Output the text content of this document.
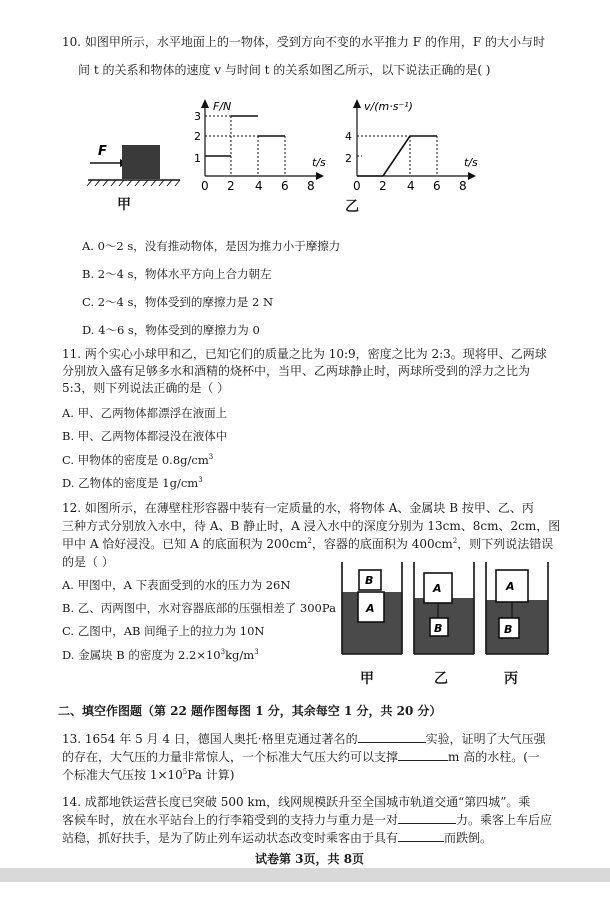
10. 如图甲所示，水平地面上的一物体，受到方向不变的水平推力 F 的作用，F 的大小与时
间 t 的关系和物体的速度 v 与时间 t 的关系如图乙所示，以下说法正确的是( )
F
甲
F/N
t/s
1
2
3
0 2 4 6 8
v/(m·s⁻¹)
t/s
2
4
0 2 4 6 8
乙
A. 0～2 s，没有推动物体，是因为推力小于摩擦力
B. 2～4 s，物体水平方向上合力朝左
C. 2～4 s，物体受到的摩擦力是 2 N
D. 4～6 s，物体受到的摩擦力为 0
11. 两个实心小球甲和乙，已知它们的质量之比为 10:9，密度之比为 2:3。现将甲、乙两球
分别放入盛有足够多水和酒精的烧杯中，当甲、乙两球静止时，两球所受到的浮力之比为
5:3，则下列说法正确的是（ ）
A. 甲、乙两物体都漂浮在液面上
B. 甲、乙两物体都浸没在液体中
C. 甲物体的密度是 $0.8g/cm^3$
D. 乙物体的密度是 $1g/cm^3$
12. 如图所示，在薄壁柱形容器中装有一定质量的水，将物体 A、金属块 B 按甲、乙、丙
三种方式分别放入水中，待 A、B 静止时，A 浸入水中的深度分别为 13cm、8cm、2cm，图
甲中 A 恰好浸没。已知 A 的底面积为 $200cm^2$，容器的底面积为 $400cm^2$，则下列说法错误
的是（ ）
A. 甲图中，A 下表面受到的水的压力为 26N
B. 乙、丙两图中，水对容器底部的压强相差了 300Pa
C. 乙图中，AB 间绳子上的拉力为 10N
D. 金属块 B 的密度为 $2.2\times 10^3kg/m^3$
B
A
A
B
A
B
甲	乙	丙
二、填空作图题（第 22 题作图每图 1 分，其余每空 1 分，共 20 分）
13. 1654 年 5 月 4 日，德国人奥托·格里克通过著名的	实验，证明了大气压强
的存在，大气压的力量非常惊人，一个标准大气压大约可以支撑	m 高的水柱。(一
个标准大气压按 $1\times 10^5Pa$ 计算)
14. 成都地铁运营长度已突破 500 km，线网规模跃升至全国城市轨道交通“第四城”。乘
客候车时，放在水平站台上的行李箱受到的支持力与重力是一对	力。乘客上车后应
站稳，抓好扶手，是为了防止列车运动状态改变时乘客由于具有	而跌倒。
试卷第 3页，共 8页
